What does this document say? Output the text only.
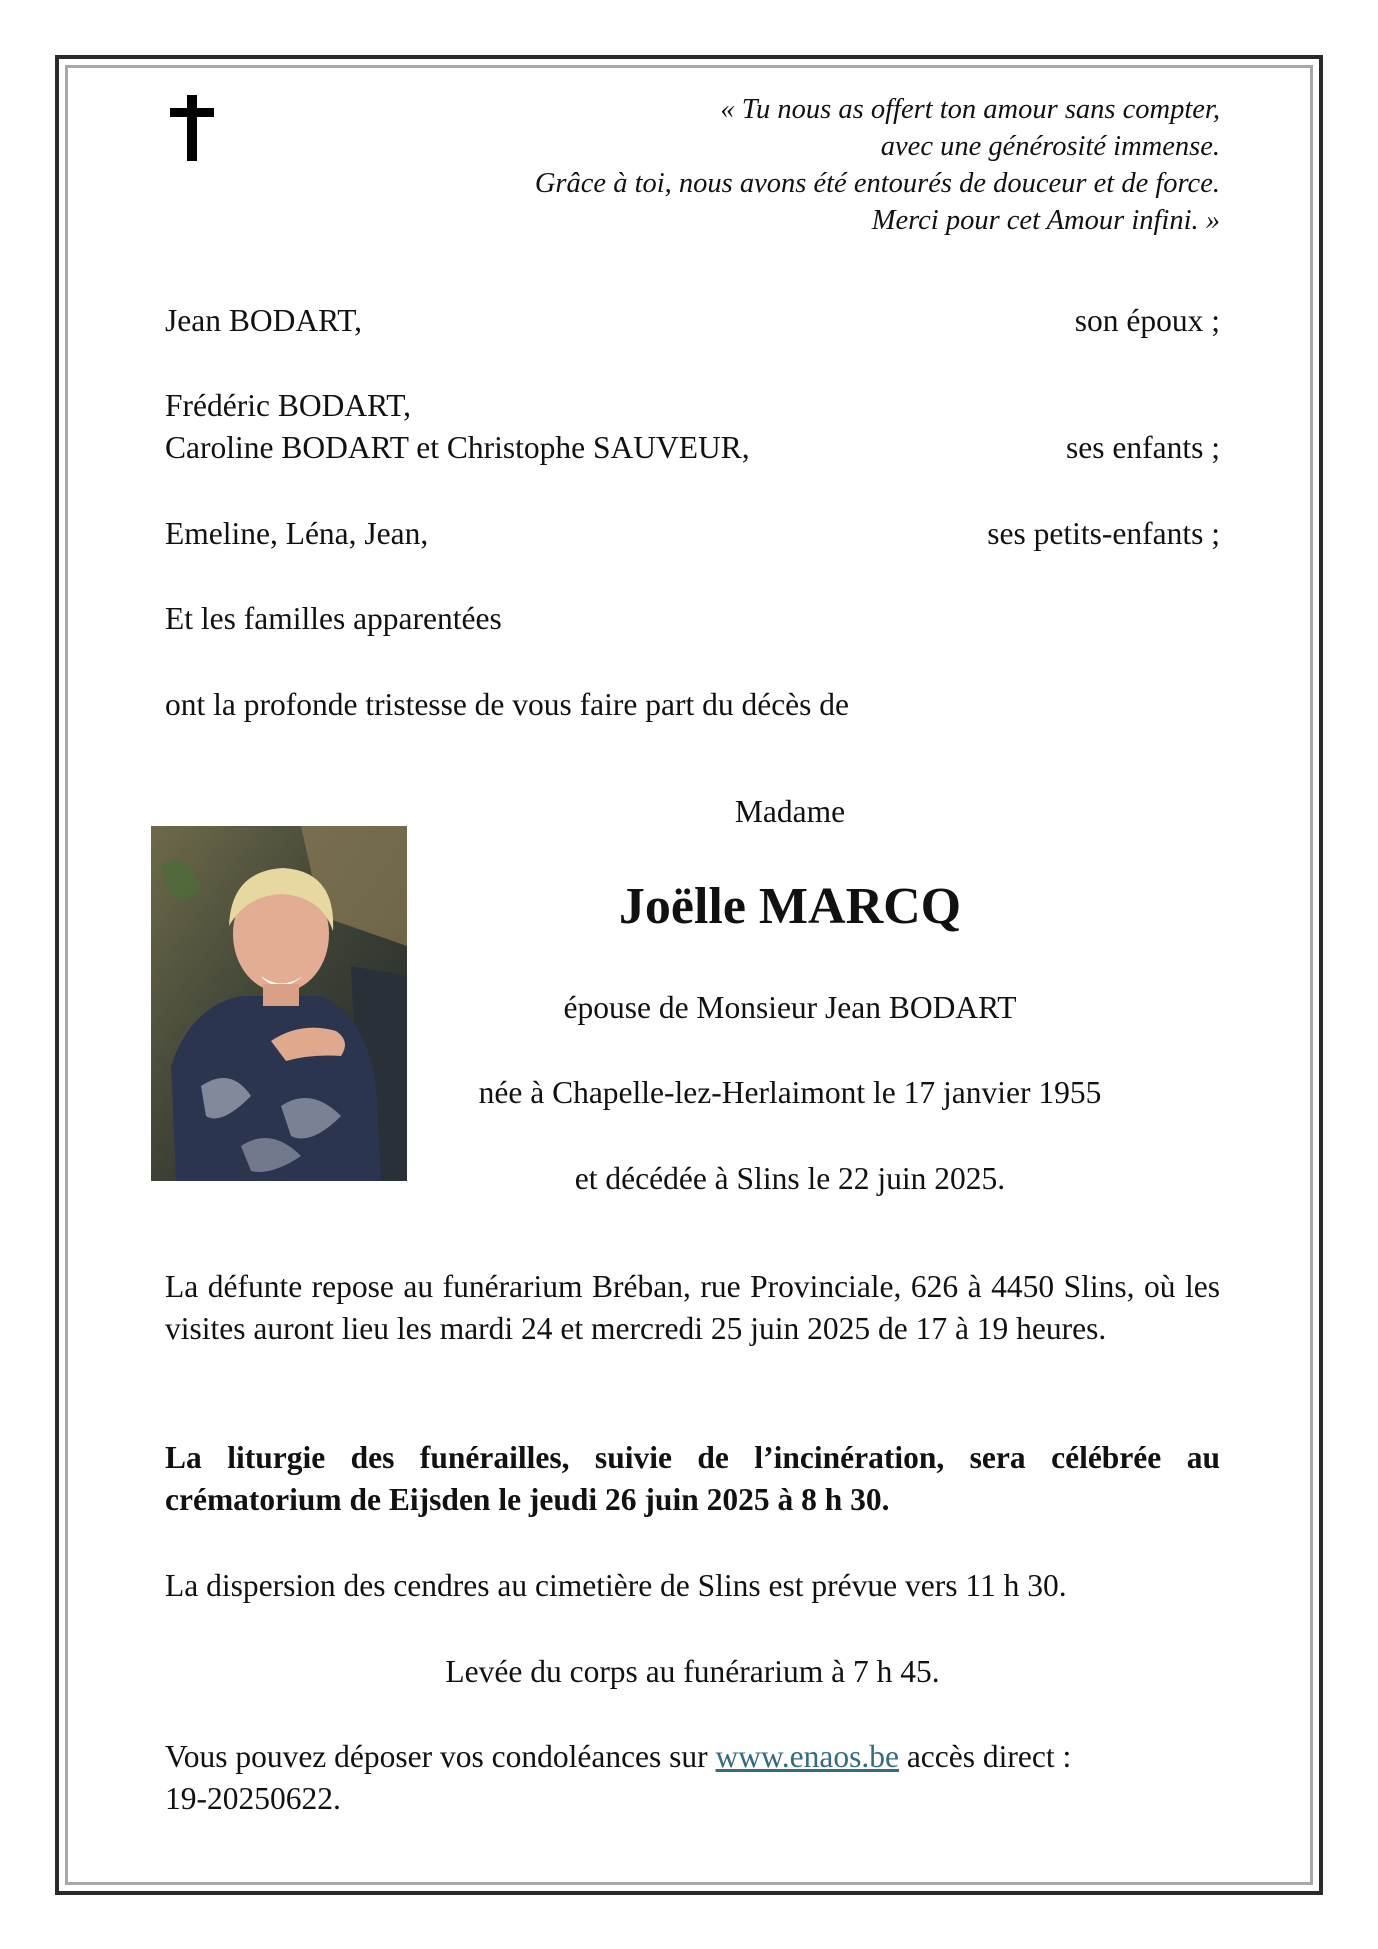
« Tu nous as offert ton amour sans compter,
avec une générosité immense.
Grâce à toi, nous avons été entourés de douceur et de force.
Merci pour cet Amour infini. »
Jean BODART,	son époux ;
Frédéric BODART,
Caroline BODART et Christophe SAUVEUR,	ses enfants ;
Emeline, Léna, Jean,	ses petits-enfants ;
Et les familles apparentées
ont la profonde tristesse de vous faire part du décès de
Madame
Joëlle MARCQ
épouse de Monsieur Jean BODART
née à Chapelle-lez-Herlaimont le 17 janvier 1955
et décédée à Slins le 22 juin 2025.
La défunte repose au funérarium Bréban, rue Provinciale, 626 à 4450 Slins, où les visites auront lieu les mardi 24 et mercredi 25 juin 2025 de 17 à 19 heures.
La liturgie des funérailles, suivie de l’incinération, sera célébrée au crématorium de Eijsden le jeudi 26 juin 2025 à 8 h 30.
La dispersion des cendres au cimetière de Slins est prévue vers 11 h 30.
Levée du corps au funérarium à 7 h 45.
Vous pouvez déposer vos condoléances sur www.enaos.be accès direct :
19-20250622.
